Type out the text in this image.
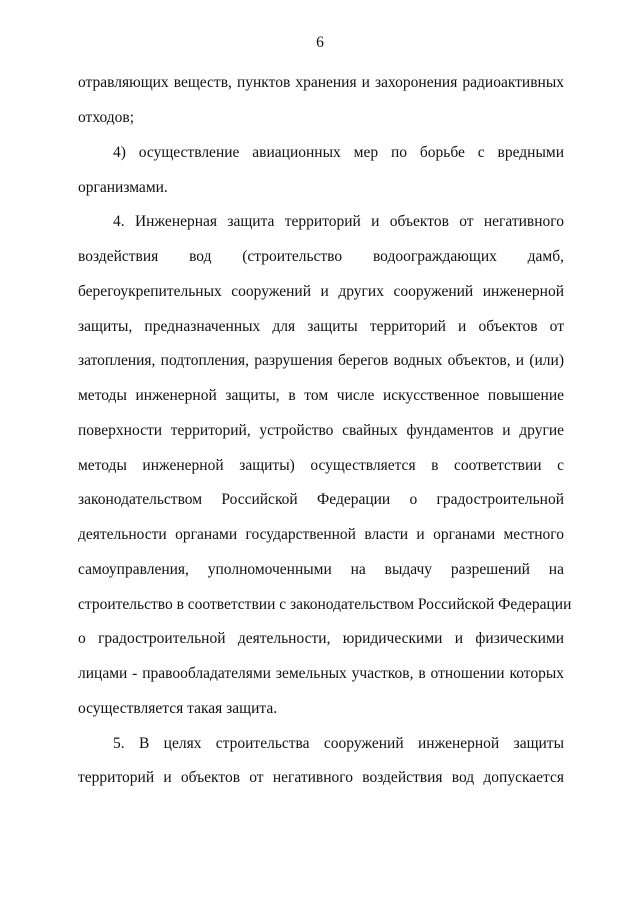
6
отравляющих веществ, пунктов хранения и захоронения радиоактивных
отходов;
4) осуществление авиационных мер по борьбе с вредными
организмами.
4. Инженерная защита территорий и объектов от негативного
воздействия вод (строительство водоограждающих дамб,
берегоукрепительных сооружений и других сооружений инженерной
защиты, предназначенных для защиты территорий и объектов от
затопления, подтопления, разрушения берегов водных объектов, и (или)
методы инженерной защиты, в том числе искусственное повышение
поверхности территорий, устройство свайных фундаментов и другие
методы инженерной защиты) осуществляется в соответствии с
законодательством Российской Федерации о градостроительной
деятельности органами государственной власти и органами местного
самоуправления, уполномоченными на выдачу разрешений на
строительство в соответствии с законодательством Российской Федерации
о градостроительной деятельности, юридическими и физическими
лицами - правообладателями земельных участков, в отношении которых
осуществляется такая защита.
5. В целях строительства сооружений инженерной защиты
территорий и объектов от негативного воздействия вод допускается
